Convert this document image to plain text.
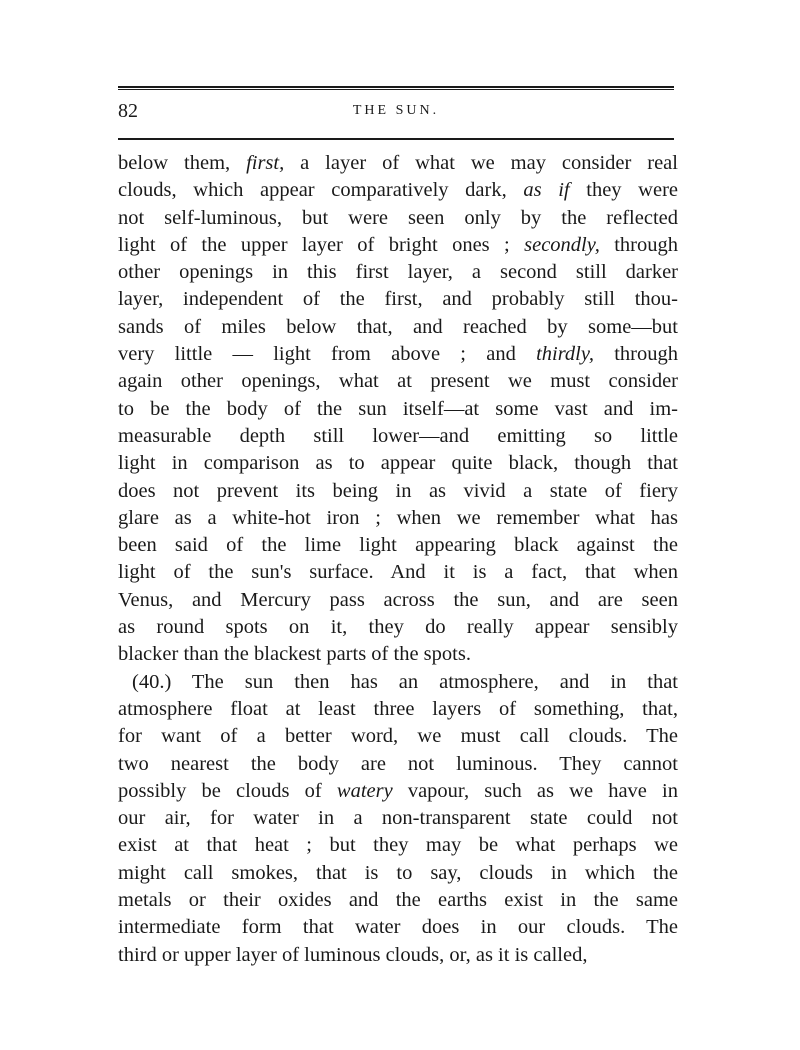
82	THE SUN.
below them, first, a layer of what we may consider real
clouds, which appear comparatively dark, as if they were
not self-luminous, but were seen only by the reflected
light of the upper layer of bright ones ; secondly, through
other openings in this first layer, a second still darker
layer, independent of the first, and probably still thou-
sands of miles below that, and reached by some—but
very little — light from above ; and thirdly, through
again other openings, what at present we must consider
to be the body of the sun itself—at some vast and im-
measurable depth still lower—and emitting so little
light in comparison as to appear quite black, though that
does not prevent its being in as vivid a state of fiery
glare as a white-hot iron ; when we remember what has
been said of the lime light appearing black against the
light of the sun's surface. And it is a fact, that when
Venus, and Mercury pass across the sun, and are seen
as round spots on it, they do really appear sensibly
blacker than the blackest parts of the spots.
(40.) The sun then has an atmosphere, and in that
atmosphere float at least three layers of something, that,
for want of a better word, we must call clouds. The
two nearest the body are not luminous. They cannot
possibly be clouds of watery vapour, such as we have in
our air, for water in a non-transparent state could not
exist at that heat ; but they may be what perhaps we
might call smokes, that is to say, clouds in which the
metals or their oxides and the earths exist in the same
intermediate form that water does in our clouds. The
third or upper layer of luminous clouds, or, as it is called,
